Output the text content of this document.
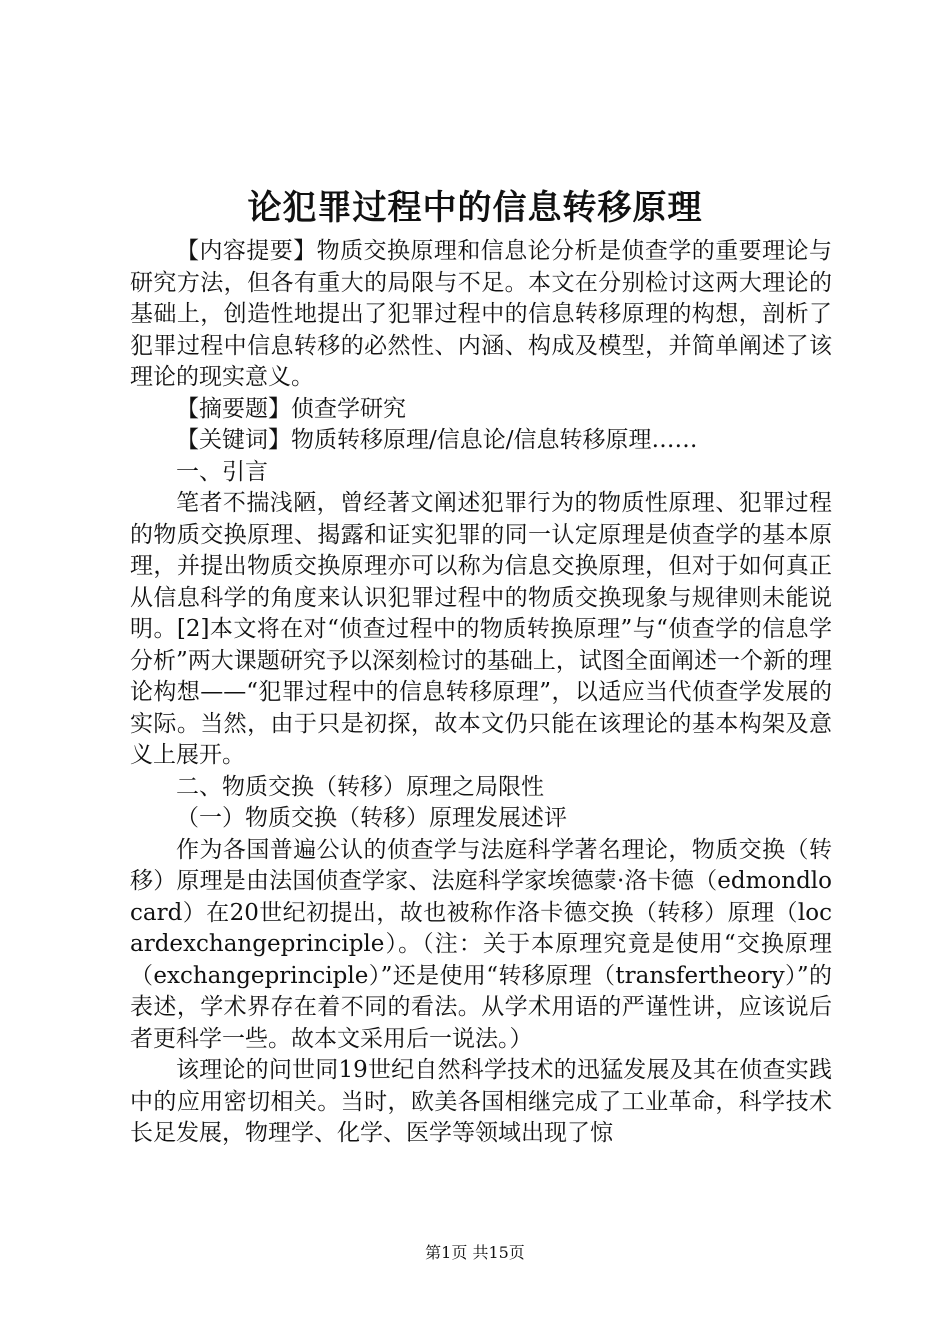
论犯罪过程中的信息转移原理

【内容提要】物质交换原理和信息论分析是侦查学的重要理论与研究方法，但各有重大的局限与不足。本文在分别检讨这两大理论的基础上，创造性地提出了犯罪过程中的信息转移原理的构想，剖析了犯罪过程中信息转移的必然性、内涵、构成及模型，并简单阐述了该理论的现实意义。

【摘要题】侦查学研究

【关键词】物质转移原理/信息论/信息转移原理……

一、引言

笔者不揣浅陋，曾经著文阐述犯罪行为的物质性原理、犯罪过程的物质交换原理、揭露和证实犯罪的同一认定原理是侦查学的基本原理，并提出物质交换原理亦可以称为信息交换原理，但对于如何真正从信息科学的角度来认识犯罪过程中的物质交换现象与规律则未能说明。[2]本文将在对“侦查过程中的物质转换原理”与“侦查学的信息学分析”两大课题研究予以深刻检讨的基础上，试图全面阐述一个新的理论构想——“犯罪过程中的信息转移原理”，以适应当代侦查学发展的实际。当然，由于只是初探，故本文仍只能在该理论的基本构架及意义上展开。

二、物质交换（转移）原理之局限性

（一）物质交换（转移）原理发展述评

作为各国普遍公认的侦查学与法庭科学著名理论，物质交换（转移）原理是由法国侦查学家、法庭科学家埃德蒙·洛卡德（edmondlocard）在20世纪初提出，故也被称作洛卡德交换（转移）原理（locardexchangeprinciple）。（注：关于本原理究竟是使用“交换原理（exchangeprinciple）”还是使用“转移原理（transfertheory）”的表述，学术界存在着不同的看法。从学术用语的严谨性讲，应该说后者更科学一些。故本文采用后一说法。）

该理论的问世同19世纪自然科学技术的迅猛发展及其在侦查实践中的应用密切相关。当时，欧美各国相继完成了工业革命，科学技术长足发展，物理学、化学、医学等领域出现了惊

第1页 共15页
